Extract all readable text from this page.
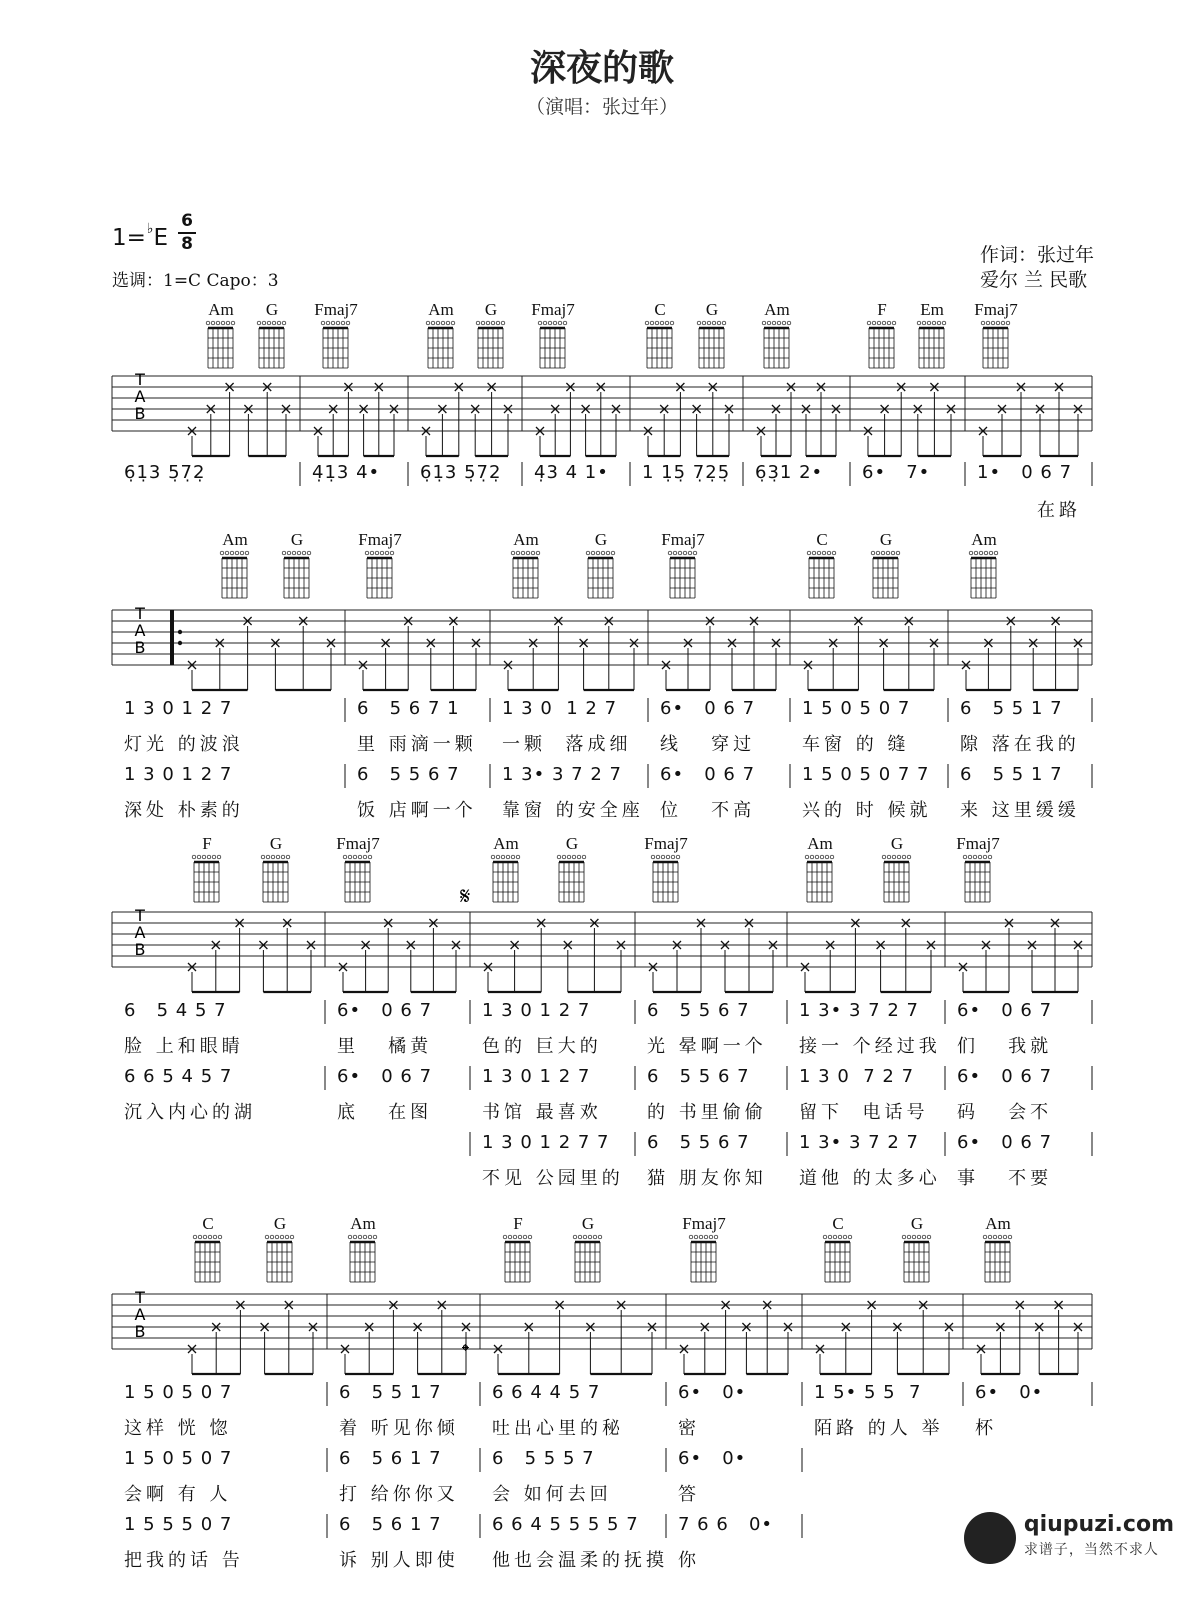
深夜的歌
（演唱：张过年）
1=♭E
6
8
选调：1=C Capo：3
作词：张过年
爱尔 兰 民歌
Am	G	Fmaj7	Am	G	Fmaj7	C	G	Am	F	Em	Fmaj7
T
A
B
6̣1̣3 5̣7̣2̣	4̣1̣3 4• 6̣1̣3 5̣7̣2̣ 4̣3 4 1• 1 1̣5̣ 7̣2̣5̣ 6̣3̣1 2• 6•   7•	1•   0 6 7
在路
Am	G	Fmaj7	Am	G	Fmaj7	C	G	Am
T
A
B
1 3 0 1 2 7	6   5 6 7 1 1 3 0  1 2 7 6•   0 6 7	1 5 0 5 0 7	6   5 5 1 7
灯光 的波浪	里 雨滴一颗 一颗  落成细 线   穿过	车窗 的 缝	隙 落在我的
1 3 0 1 2 7	6   5 5 6 7 1 3• 3 7 2 7 6•   0 6 7	1 5 0 5 0 7 7 6   5 5 1 7
深处 朴素的	饭 店啊一个 靠窗 的安全座 位   不高	兴的 时 候就 来 这里缓缓
F	G	Fmaj7	Am	G	Fmaj7	Am	G	Fmaj7
T
A
B
𝄋
6   5 4 5 7	6•   0 6 7	1 3 0 1 2 7	6   5 5 6 7	1 3• 3 7 2 7 6•   0 6 7
脸 上和眼睛	里   橘黄	色的 巨大的	光 晕啊一个 接一 个经过我 们   我就
6 6 5 4 5 7	6•   0 6 7	1 3 0 1 2 7	6   5 5 6 7	1 3 0  7 2 7 6•   0 6 7
沉入内心的湖	底   在图	书馆 最喜欢	的 书里偷偷 留下  电话号 码   会不
1 3 0 1 2 7 7 6   5 5 6 7	1 3• 3 7 2 7 6•   0 6 7
不见 公园里的 猫 朋友你知 道他 的太多心 事   不要
C	G	Am	F	G	Fmaj7	C	G	Am
T
A
B
𝄌
1 5 0 5 0 7	6   5 5 1 7	6 6 4 4 5 7	6•   0•	1 5• 5 5  7	6•   0•
这样 恍 惚	着 听见你倾 吐出心里的秘	密	陌路 的人 举 杯
1 5 0 5 0 7	6   5 6 1 7	6   5 5 5 7	6•   0•
会啊 有 人	打 给你你又 会 如何去回	答
1 5 5 5 0 7	6   5 6 1 7	6 6 4 5 5 5 5 7 7 6 6   0•
把我的话 告	诉 别人即使 他也会温柔的抚摸 你
qiupuzi.com
求谱子，当然不求人
